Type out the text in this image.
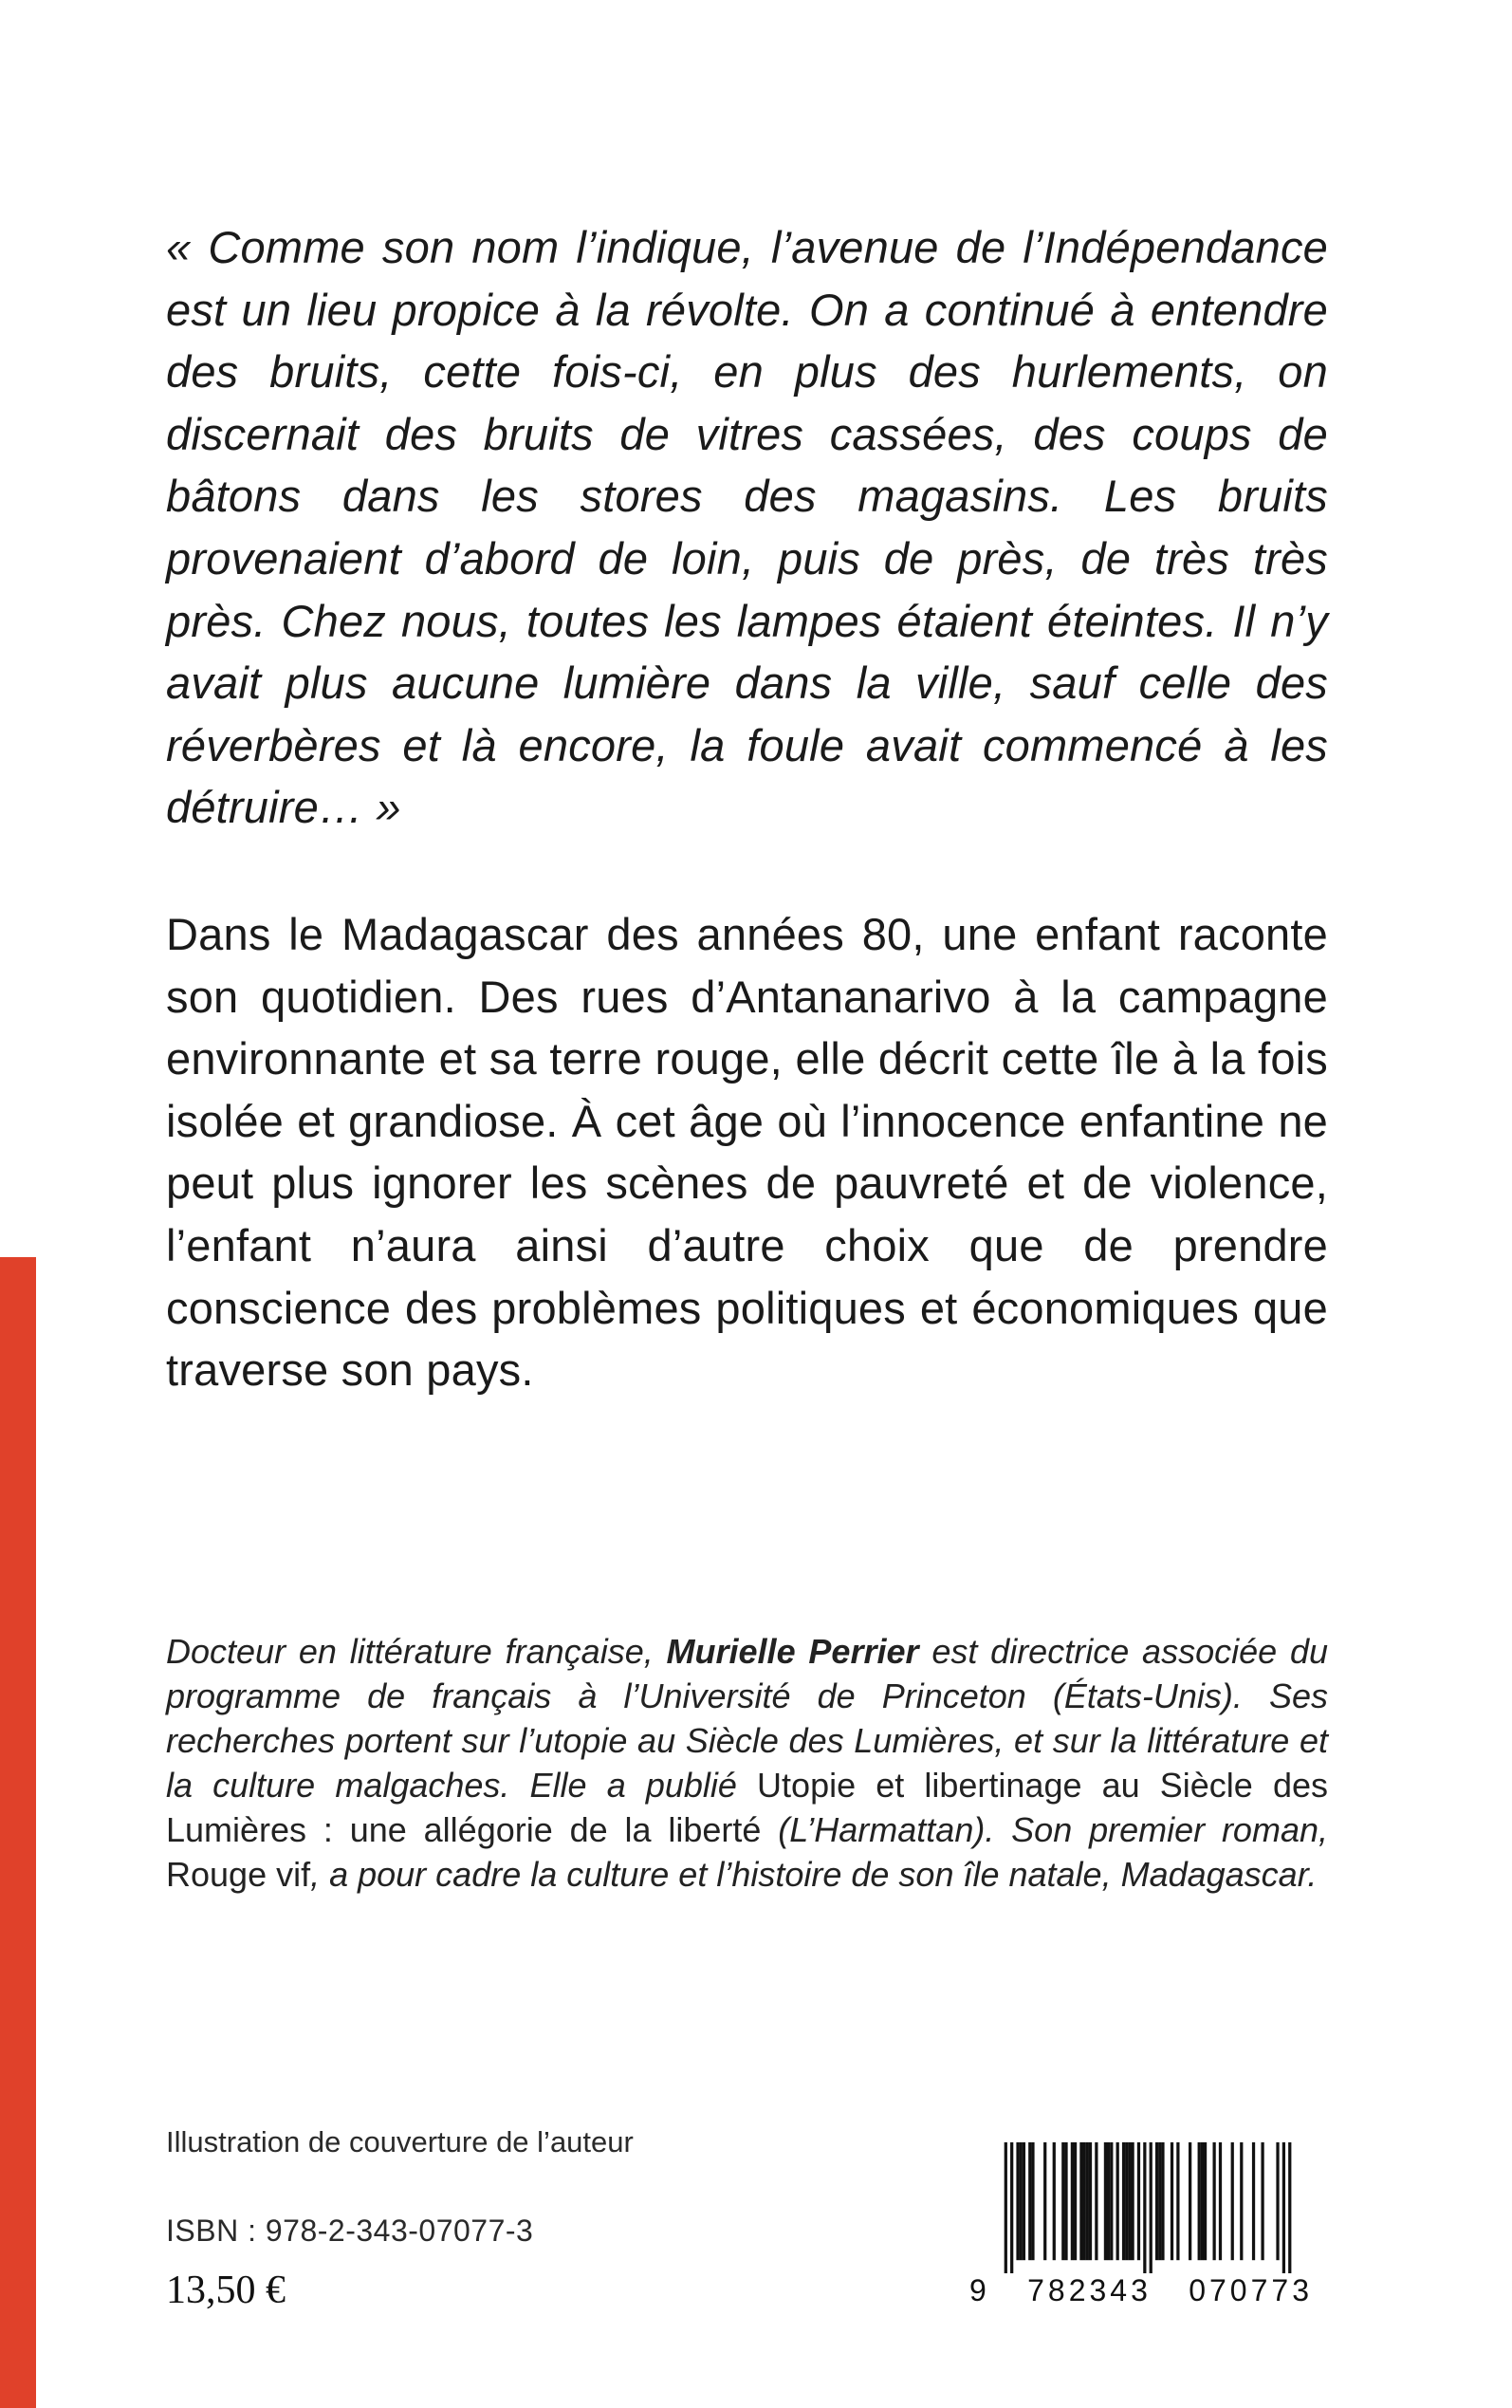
« Comme son nom l’indique, l’avenue de l’Indépendance est un lieu propice à la révolte. On a continué à entendre des bruits, cette fois-ci, en plus des hurlements, on discernait des bruits de vitres cassées, des coups de bâtons dans les stores des magasins. Les bruits provenaient d’abord de loin, puis de près, de très très près. Chez nous, toutes les lampes étaient éteintes. Il n’y avait plus aucune lumière dans la ville, sauf celle des réverbères et là encore, la foule avait commencé à les détruire… »

Dans le Madagascar des années 80, une enfant raconte son quotidien. Des rues d’Antananarivo à la campagne environnante et sa terre rouge, elle décrit cette île à la fois isolée et grandiose. À cet âge où l’innocence enfantine ne peut plus ignorer les scènes de pauvreté et de violence, l’enfant n’aura ainsi d’autre choix que de prendre conscience des problèmes politiques et économiques que traverse son pays.

Docteur en littérature française, Murielle Perrier est directrice associée du programme de français à l’Université de Princeton (États-Unis). Ses recherches portent sur l’utopie au Siècle des Lumières, et sur la littérature et la culture malgaches. Elle a publié Utopie et libertinage au Siècle des Lumières : une allégorie de la liberté (L’Harmattan). Son premier roman, Rouge vif, a pour cadre la culture et l’histoire de son île natale, Madagascar.

Illustration de couverture de l’auteur
ISBN : 978-2-343-07077-3
13,50 €	9 782343 070773
